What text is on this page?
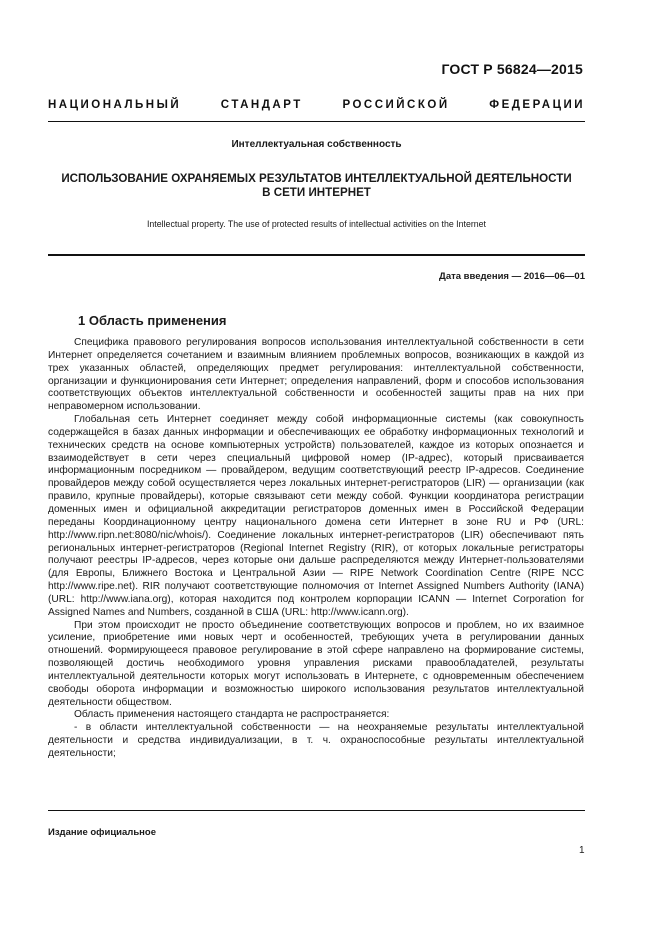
ГОСТ Р 56824—2015

НАЦИОНАЛЬНЫЙ СТАНДАРТ РОССИЙСКОЙ ФЕДЕРАЦИИ

Интеллектуальная собственность

ИСПОЛЬЗОВАНИЕ ОХРАНЯЕМЫХ РЕЗУЛЬТАТОВ ИНТЕЛЛЕКТУАЛЬНОЙ ДЕЯТЕЛЬНОСТИ
В СЕТИ ИНТЕРНЕТ

Intellectual property. The use of protected results of intellectual activities on the Internet

Дата введения — 2016—06—01

1 Область применения

Специфика правового регулирования вопросов использования интеллектуальной собственности в сети Интернет определяется сочетанием и взаимным влиянием проблемных вопросов, возникающих в каждой из трех указанных областей, определяющих предмет регулирования: интеллектуальной собственности, организации и функционирования сети Интернет; определения направлений, форм и способов использования соответствующих объектов интеллектуальной собственности и особенностей защиты прав на них при неправомерном использовании.

Глобальная сеть Интернет соединяет между собой информационные системы (как совокупность содержащейся в базах данных информации и обеспечивающих ее обработку информационных технологий и технических средств на основе компьютерных устройств) пользователей, каждое из которых опознается и взаимодействует в сети через специальный цифровой номер (IP-адрес), который присваивается информационным посредником — провайдером, ведущим соответствующий реестр IP-адресов. Соединение провайдеров между собой осуществляется через локальных интернет-регистраторов (LIR) — организации (как правило, крупные провайдеры), которые связывают сети между собой. Функции координатора регистрации доменных имен и официальной аккредитации регистраторов доменных имен в Российской Федерации переданы Координационному центру национального домена сети Интернет в зоне RU и РФ (URL: http://www.ripn.net:8080/nic/whois/). Соединение локальных интернет-регистраторов (LIR) обеспечивают пять региональных интернет-регистраторов (Regional Internet Registry (RIR), от которых локальные регистраторы получают реестры IP-адресов, через которые они дальше распределяются между Интернет-пользователями (для Европы, Ближнего Востока и Центральной Азии — RIPE Network Coordination Centre (RIPE NCC http://www.ripe.net). RIR получают соответствующие полномочия от Internet Assigned Numbers Authority (IANA) (URL: http://www.iana.org), которая находится под контролем корпорации ICANN — Internet Corporation for Assigned Names and Numbers, созданной в США (URL: http://www.icann.org).

При этом происходит не просто объединение соответствующих вопросов и проблем, но их взаимное усиление, приобретение ими новых черт и особенностей, требующих учета в регулировании данных отношений. Формирующееся правовое регулирование в этой сфере направлено на формирование системы, позволяющей достичь необходимого уровня управления рисками правообладателей, результаты интеллектуальной деятельности которых могут использовать в Интернете, с одновременным обеспечением свободы оборота информации и возможностью широкого использования результатов интеллектуальной деятельности обществом.

Область применения настоящего стандарта не распространяется:

- в области интеллектуальной собственности — на неохраняемые результаты интеллектуальной деятельности и средства индивидуализации, в т. ч. охраноспособные результаты интеллектуальной деятельности;

Издание официальное

1
